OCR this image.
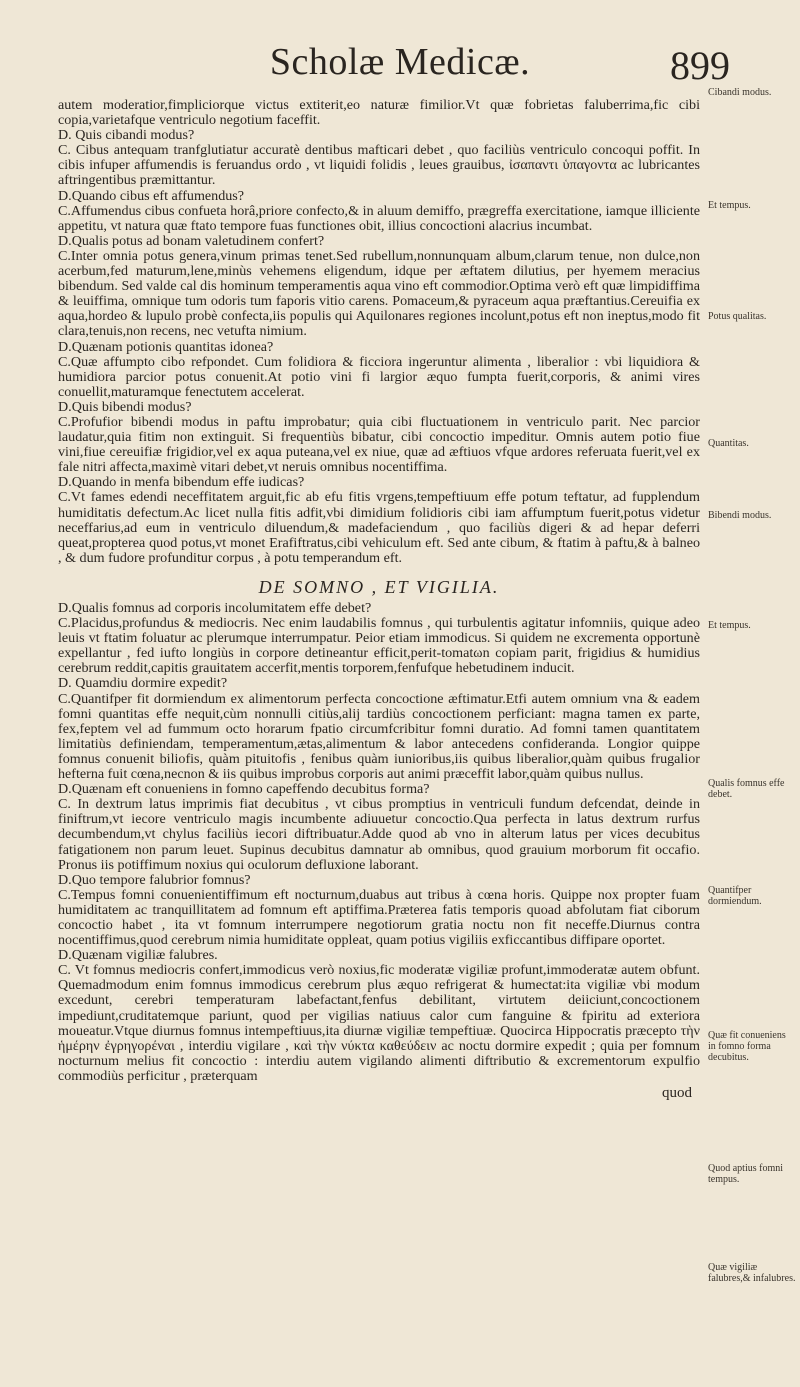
Scholæ Medicæ.	899

autem moderatior,fimpliciorque victus extiterit,eo naturæ fimilior.Vt quæ fobrietas faluberrima,fic cibi copia,varietafque ventriculo negotium faceffit.

D. Quis cibandi modus?

C. Cibus antequam tranfglutiatur accuratè dentibus mafticari debet , quo faciliùs ventriculo concoqui poffit. In cibis infuper affumendis is feruandus ordo , vt liquidi folidis , leues grauibus, ἰσαπαντι ὑπαγοντα ac lubricantes aftringentibus præmittantur.

D.Quando cibus eft affumendus?

C.Affumendus cibus confueta horâ,priore confecto,& in aluum demiffo, prægreffa exercitatione, iamque illiciente appetitu, vt natura quæ ftato tempore fuas functiones obit, illius concoctioni alacrius incumbat.

D.Qualis potus ad bonam valetudinem confert?

C.Inter omnia potus genera,vinum primas tenet.Sed rubellum,nonnunquam album,clarum tenue, non dulce,non acerbum,fed maturum,lene,minùs vehemens eligendum, idque per æftatem dilutius, per hyemem meracius bibendum. Sed valde cal dis hominum temperamentis aqua vino eft commodior.Optima verò eft quæ limpidiffima & leuiffima, omnique tum odoris tum faporis vitio carens. Pomaceum,& pyraceum aqua præftantius.Cereuifia ex aqua,hordeo & lupulo probè confecta,iis populis qui Aquilonares regiones incolunt,potus eft non ineptus,modo fit clara,tenuis,non recens, nec vetufta nimium.

D.Quænam potionis quantitas idonea?

C.Quæ affumpto cibo refpondet. Cum folidiora & ficciora ingeruntur alimenta , liberalior : vbi liquidiora & humidiora parcior potus conuenit.At potio vini fi largior æquo fumpta fuerit,corporis, & animi vires conuellit,maturamque fenectutem accelerat.

D.Quis bibendi modus?

C.Profufior bibendi modus in paftu improbatur; quia cibi fluctuationem in ventriculo parit. Nec parcior laudatur,quia fitim non extinguit. Si frequentiùs bibatur, cibi concoctio impeditur. Omnis autem potio fiue vini,fiue cereuifiæ frigidior,vel ex aqua puteana,vel ex niue, quæ ad æftiuos vfque ardores referuata fuerit,vel ex fale nitri affecta,maximè vitari debet,vt neruis omnibus nocentiffima.

D.Quando in menfa bibendum effe iudicas?

C.Vt fames edendi neceffitatem arguit,fic ab efu fitis vrgens,tempeftiuum effe potum teftatur, ad fupplendum humiditatis defectum.Ac licet nulla fitis adfit,vbi dimidium folidioris cibi iam affumptum fuerit,potus videtur neceffarius,ad eum in ventriculo diluendum,& madefaciendum , quo faciliùs digeri & ad hepar deferri queat,propterea quod potus,vt monet Erafiftratus,cibi vehiculum eft. Sed ante cibum, & ftatim à paftu,& à balneo , & dum fudore profunditur corpus , à potu temperandum eft.

DE SOMNO , ET VIGILIA.

D.Qualis fomnus ad corporis incolumitatem effe debet?

C.Placidus,profundus & mediocris. Nec enim laudabilis fomnus , qui turbulentis agitatur infomniis, quique adeo leuis vt ftatim foluatur ac plerumque interrumpatur. Peior etiam immodicus. Si quidem ne excrementa opportunè expellantur , fed iufto longiùs in corpore detineantur efficit,perit-tomatωn copiam parit, frigidius & humidius cerebrum reddit,capitis grauitatem accerfit,mentis torporem,fenfufque hebetudinem inducit.

D. Quamdiu dormire expedit?

C.Quantifper fit dormiendum ex alimentorum perfecta concoctione æftimatur.Etfi autem omnium vna & eadem fomni quantitas effe nequit,cùm nonnulli citiùs,alij tardiùs concoctionem perficiant: magna tamen ex parte, fex,feptem vel ad fummum octo horarum fpatio circumfcribitur fomni duratio. Ad fomni tamen quantitatem limitatiùs definiendam, temperamentum,ætas,alimentum & labor antecedens confideranda. Longior quippe fomnus conuenit biliofis, quàm pituitofis , fenibus quàm iunioribus,iis quibus liberalior,quàm quibus frugalior hefterna fuit cœna,necnon & iis quibus improbus corporis aut animi præceffit labor,quàm quibus nullus.

D.Quænam eft conueniens in fomno capeffendo decubitus forma?

C. In dextrum latus imprimis fiat decubitus , vt cibus promptius in ventriculi fundum defcendat, deinde in finiftrum,vt iecore ventriculo magis incumbente adiuuetur concoctio.Qua perfecta in latus dextrum rurfus decumbendum,vt chylus faciliùs iecori diftribuatur.Adde quod ab vno in alterum latus per vices decubitus fatigationem non parum leuet. Supinus decubitus damnatur ab omnibus, quod grauium morborum fit occafio. Pronus iis potiffimum noxius qui oculorum defluxione laborant.

D.Quo tempore falubrior fomnus?

C.Tempus fomni conuenientiffimum eft nocturnum,duabus aut tribus à cœna horis. Quippe nox propter fuam humiditatem ac tranquillitatem ad fomnum eft aptiffima.Præterea fatis temporis quoad abfolutam fiat ciborum concoctio habet , ita vt fomnum interrumpere negotiorum gratia noctu non fit neceffe.Diurnus contra nocentiffimus,quod cerebrum nimia humiditate oppleat, quam potius vigiliis exficcantibus diffipare oportet.

D.Quænam vigiliæ falubres.

C. Vt fomnus mediocris confert,immodicus verò noxius,fic moderatæ vigiliæ profunt,immoderatæ autem obfunt. Quemadmodum enim fomnus immodicus cerebrum plus æquo refrigerat & humectat:ita vigiliæ vbi modum excedunt, cerebri temperaturam labefactant,fenfus debilitant, virtutem deiiciunt,concoctionem impediunt,cruditatemque pariunt, quod per vigilias natiuus calor cum fanguine & fpiritu ad exteriora moueatur.Vtque diurnus fomnus intempeftiuus,ita diurnæ vigiliæ tempeftiuæ. Quocirca Hippocratis præcepto τὴν ἡμέρην ἐγρηγορέναι , interdiu vigilare , καὶ τὴν νύκτα καθεύδειν ac noctu dormire expedit ; quia per fomnum nocturnum melius fit concoctio : interdiu autem vigilando alimenti diftributio & excrementorum expulfio commodiùs perficitur , præterquam

quod
Cibandi modus.
Et tempus.
Potus qualitas.
Quantitas.
Bibendi modus.
Et tempus.
Qualis fomnus effe debet.
Quantifper dormiendum.
Quæ fit conueniens in fomno forma decubitus.
Quod aptius fomni tempus.
Quæ vigiliæ falubres,& infalubres.
